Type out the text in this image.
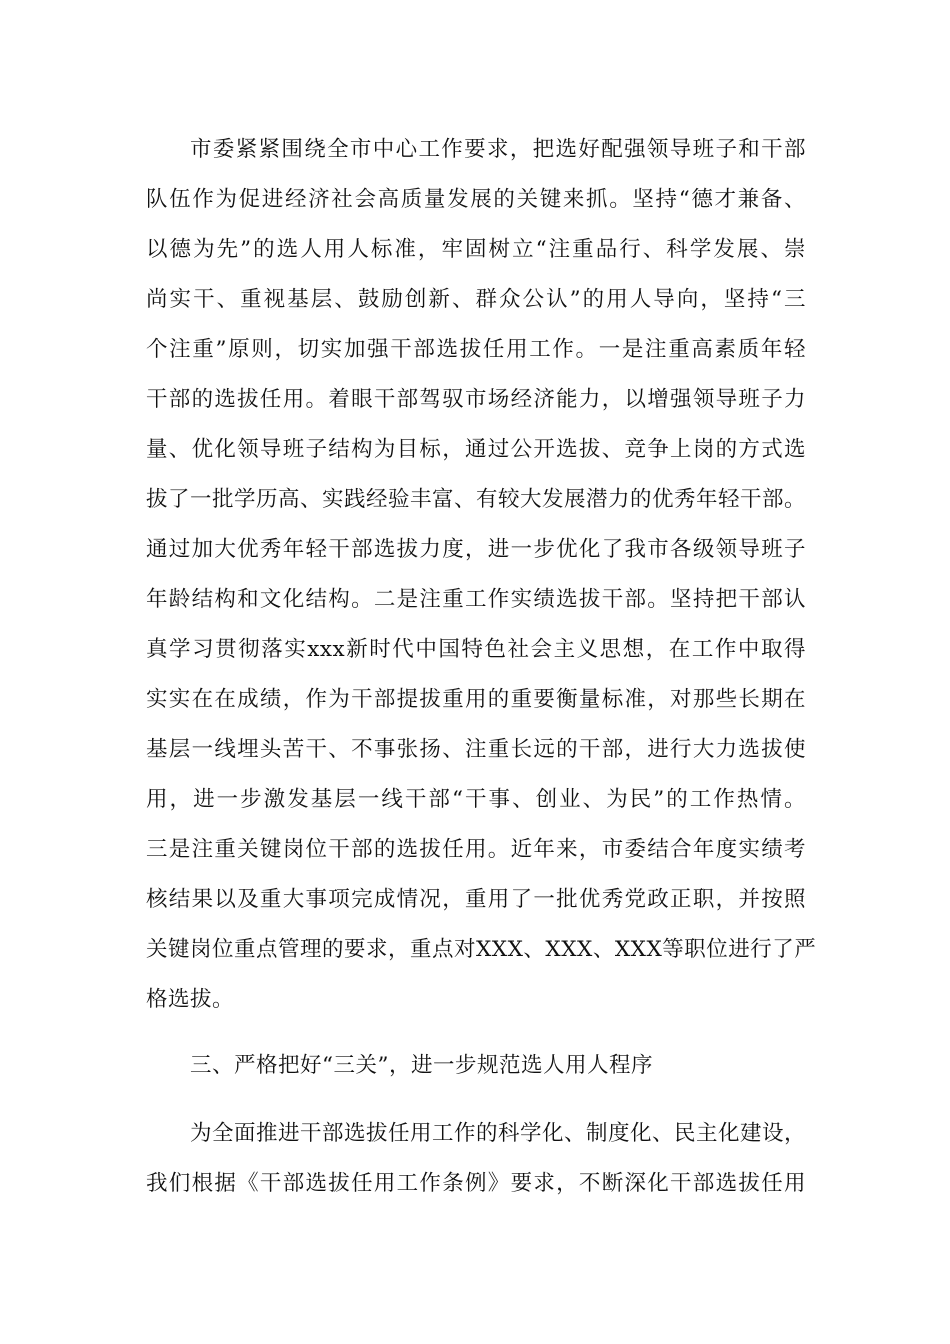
市委紧紧围绕全市中心工作要求，把选好配强领导班子和干部
队伍作为促进经济社会高质量发展的关键来抓。坚持“德才兼备、
以德为先”的选人用人标准，牢固树立“注重品行、科学发展、崇
尚实干、重视基层、鼓励创新、群众公认”的用人导向，坚持“三
个注重”原则，切实加强干部选拔任用工作。一是注重高素质年轻
干部的选拔任用。着眼干部驾驭市场经济能力，以增强领导班子力
量、优化领导班子结构为目标，通过公开选拔、竞争上岗的方式选
拔了一批学历高、实践经验丰富、有较大发展潜力的优秀年轻干部。
通过加大优秀年轻干部选拔力度，进一步优化了我市各级领导班子
年龄结构和文化结构。二是注重工作实绩选拔干部。坚持把干部认
真学习贯彻落实xxx新时代中国特色社会主义思想，在工作中取得
实实在在成绩，作为干部提拔重用的重要衡量标准，对那些长期在
基层一线埋头苦干、不事张扬、注重长远的干部，进行大力选拔使
用，进一步激发基层一线干部“干事、创业、为民”的工作热情。
三是注重关键岗位干部的选拔任用。近年来，市委结合年度实绩考
核结果以及重大事项完成情况，重用了一批优秀党政正职，并按照
关键岗位重点管理的要求，重点对XXX、XXX、XXX等职位进行了严
格选拔。
三、严格把好“三关”，进一步规范选人用人程序
为全面推进干部选拔任用工作的科学化、制度化、民主化建设，
我们根据《干部选拔任用工作条例》要求，不断深化干部选拔任用
